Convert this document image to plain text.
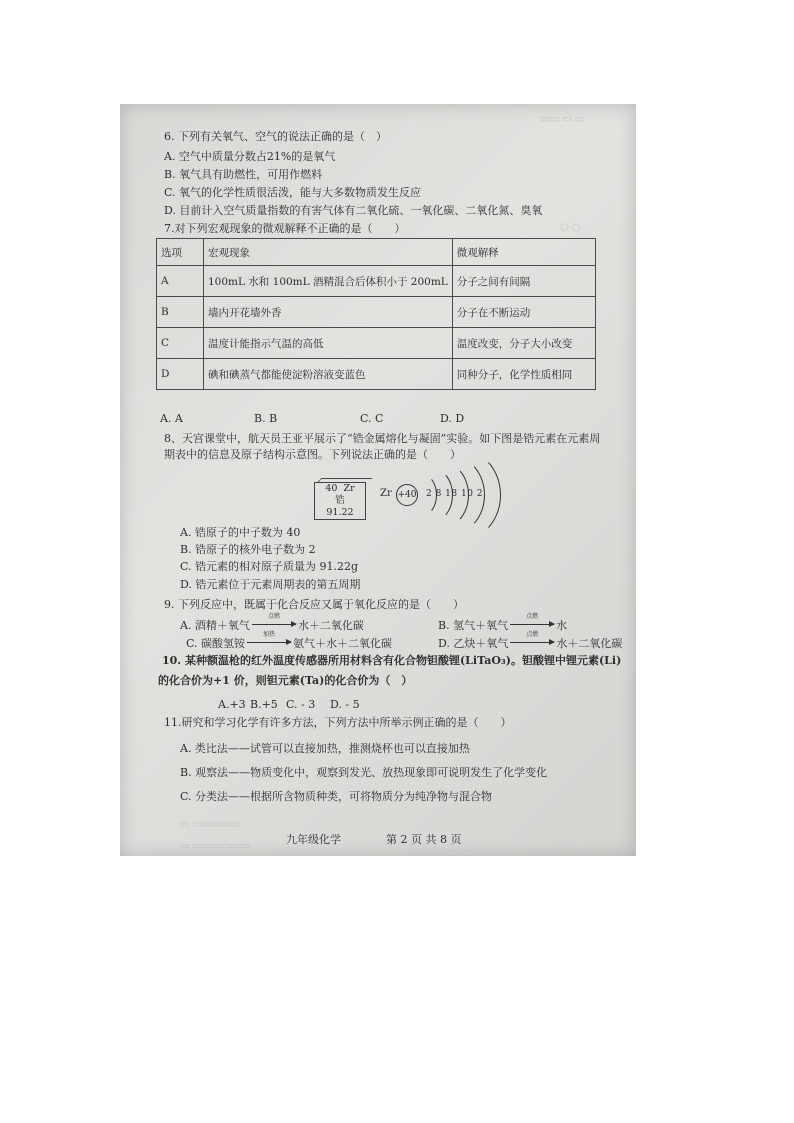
▭▭ ▭ ▭
○ ○
▭ ▭▭▭▭▭
▭ ▭▭▭▭▭▭
6. 下列有关氧气、空气的说法正确的是（　）
A. 空气中质量分数占21%的是氧气
B. 氧气具有助燃性，可用作燃料
C. 氧气的化学性质很活泼，能与大多数物质发生反应
D. 目前计入空气质量指数的有害气体有二氧化硫、一氧化碳、二氧化氮、臭氧
7.对下列宏观现象的微观解释不正确的是（　　）
选项	宏观现象	微观解释
A	100mL 水和 100mL 酒精混合后体积小于 200mL	分子之间有间隔
B	墙内开花墙外香	分子在不断运动
C	温度计能指示气温的高低	温度改变，分子大小改变
D	碘和碘蒸气都能使淀粉溶液变蓝色	同种分子，化学性质相同
A. A	B. B	C. C	D. D
8、天宫课堂中，航天员王亚平展示了“锆金属熔化与凝固”实验。如下图是锆元素在元素周
期表中的信息及原子结构示意图。下列说法正确的是（　　）
40 Zr
锆
91.22
Zr +40 2 8 18 10 2
A. 锆原子的中子数为 40
B. 锆原子的核外电子数为 2
C. 锆元素的相对原子质量为 91.22g
D. 锆元素位于元素周期表的第五周期
9. 下列反应中，既属于化合反应又属于氧化反应的是（　　）
A. 酒精＋氧气
点燃
水＋二氧化碳	B. 氢气＋氧气
点燃
水
C. 碳酸氢铵
加热
氨气＋水＋二氧化碳	D. 乙炔＋氧气
点燃
水＋二氧化碳
10. 某种额温枪的红外温度传感器所用材料含有化合物钽酸锂(LiTaO₃)。钽酸锂中锂元素(Li)
的化合价为+1 价，则钽元素(Ta)的化合价为（　）
A.+3 B.+5 C. - 3 D. - 5
11.研究和学习化学有许多方法，下列方法中所举示例正确的是（　　）
A. 类比法——试管可以直接加热，推测烧杯也可以直接加热
B. 观察法——物质变化中，观察到发光、放热现象即可说明发生了化学变化
C. 分类法——根据所含物质种类，可将物质分为纯净物与混合物
九年级化学	第 2 页 共 8 页
